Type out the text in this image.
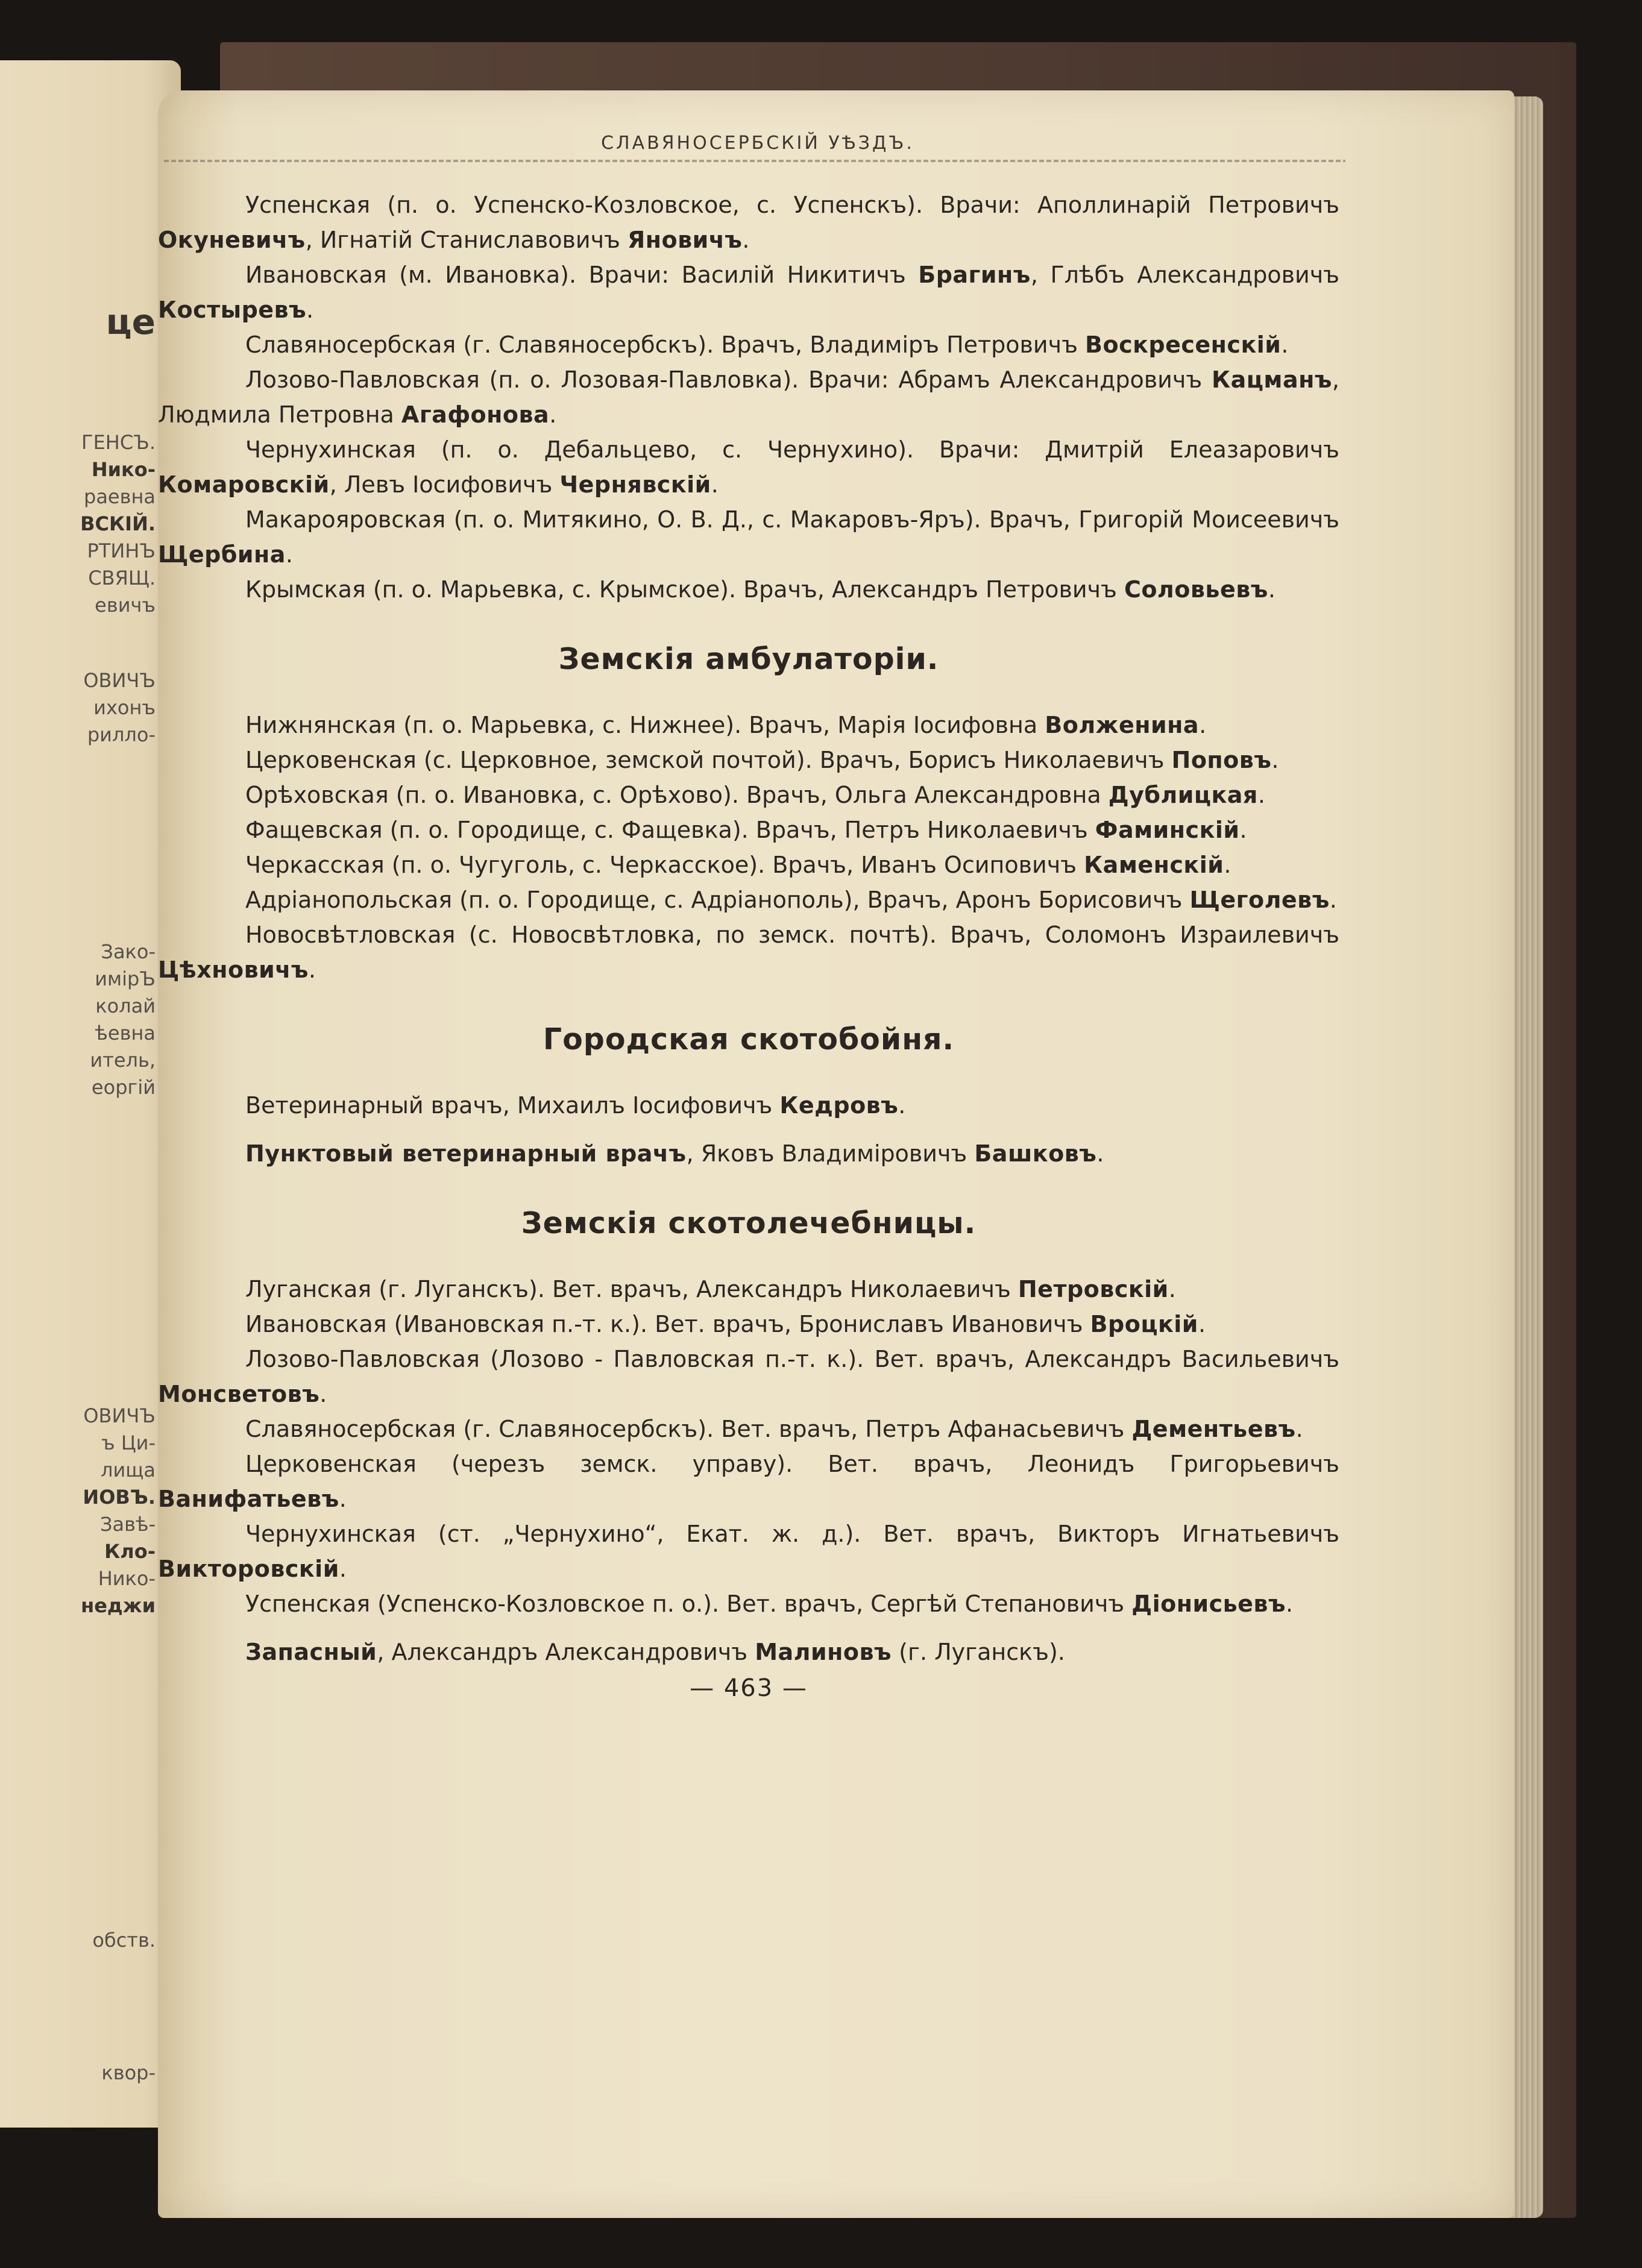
це
ГЕНСЪ.
Нико-
раевна
ВСКІЙ.
РТИНЪ
СВЯЩ.
евичъ
ОВИЧЪ
ихонъ
рилло-
Зако-
имірЪ
колай
ѣевна
итель,
еоргій
ОВИЧЪ
ъ Ци-
лища
ИОВЪ.
Завѣ-
Кло-
Нико-
неджи
обств.
квор-
СЛАВЯНОСЕРБСКІЙ УѢЗДЪ.

Успенская (п. о. Успенско-Козловское, с. Успенскъ). Врачи: Аполлинарій Петровичъ Окуневичъ, Игнатій Станиславовичъ Яновичъ.

Ивановская (м. Ивановка). Врачи: Василій Никитичъ Брагинъ, Глѣбъ Александровичъ Костыревъ.

Славяносербская (г. Славяносербскъ). Врачъ, Владиміръ Петровичъ Воскресенскій.

Лозово-Павловская (п. о. Лозовая-Павловка). Врачи: Абрамъ Александровичъ Кацманъ, Людмила Петровна Агафонова.

Чернухинская (п. о. Дебальцево, с. Чернухино). Врачи: Дмитрій Елеазаровичъ Комаровскій, Левъ Іосифовичъ Чернявскій.

Макарояровская (п. о. Митякино, О. В. Д., с. Макаровъ-Яръ). Врачъ, Григорій Моисеевичъ Щербина.

Крымская (п. о. Марьевка, с. Крымское). Врачъ, Александръ Петровичъ Соловьевъ.

Земскія амбулаторіи.

Нижнянская (п. о. Марьевка, с. Нижнее). Врачъ, Марія Іосифовна Волженина.

Церковенская (с. Церковное, земской почтой). Врачъ, Борисъ Николаевичъ Поповъ.

Орѣховская (п. о. Ивановка, с. Орѣхово). Врачъ, Ольга Александровна Дублицкая.

Фащевская (п. о. Городище, с. Фащевка). Врачъ, Петръ Николаевичъ Фаминскій.

Черкасская (п. о. Чугуголь, с. Черкасское). Врачъ, Иванъ Осиповичъ Каменскій.

Адріанопольская (п. о. Городище, с. Адріанополь), Врачъ, Аронъ Борисовичъ Щеголевъ.

Новосвѣтловская (с. Новосвѣтловка, по земск. почтѣ). Врачъ, Соломонъ Израилевичъ Цѣхновичъ.

Городская скотобойня.

Ветеринарный врачъ, Михаилъ Іосифовичъ Кедровъ.

Пунктовый ветеринарный врачъ, Яковъ Владиміровичъ Башковъ.

Земскія скотолечебницы.

Луганская (г. Луганскъ). Вет. врачъ, Александръ Николаевичъ Петровскій.

Ивановская (Ивановская п.-т. к.). Вет. врачъ, Брониславъ Ивановичъ Вроцкій.

Лозово-Павловская (Лозово - Павловская п.-т. к.). Вет. врачъ, Александръ Васильевичъ Монсветовъ.

Славяносербская (г. Славяносербскъ). Вет. врачъ, Петръ Афанасьевичъ Дементьевъ.

Церковенская (черезъ земск. управу). Вет. врачъ, Леонидъ Григорьевичъ Ванифатьевъ.

Чернухинская (ст. „Чернухино“, Екат. ж. д.). Вет. врачъ, Викторъ Игнатьевичъ Викторовскій.

Успенская (Успенско-Козловское п. о.). Вет. врачъ, Сергѣй Степановичъ Діонисьевъ.

Запасный, Александръ Александровичъ Малиновъ (г. Луганскъ).

— 463 —
